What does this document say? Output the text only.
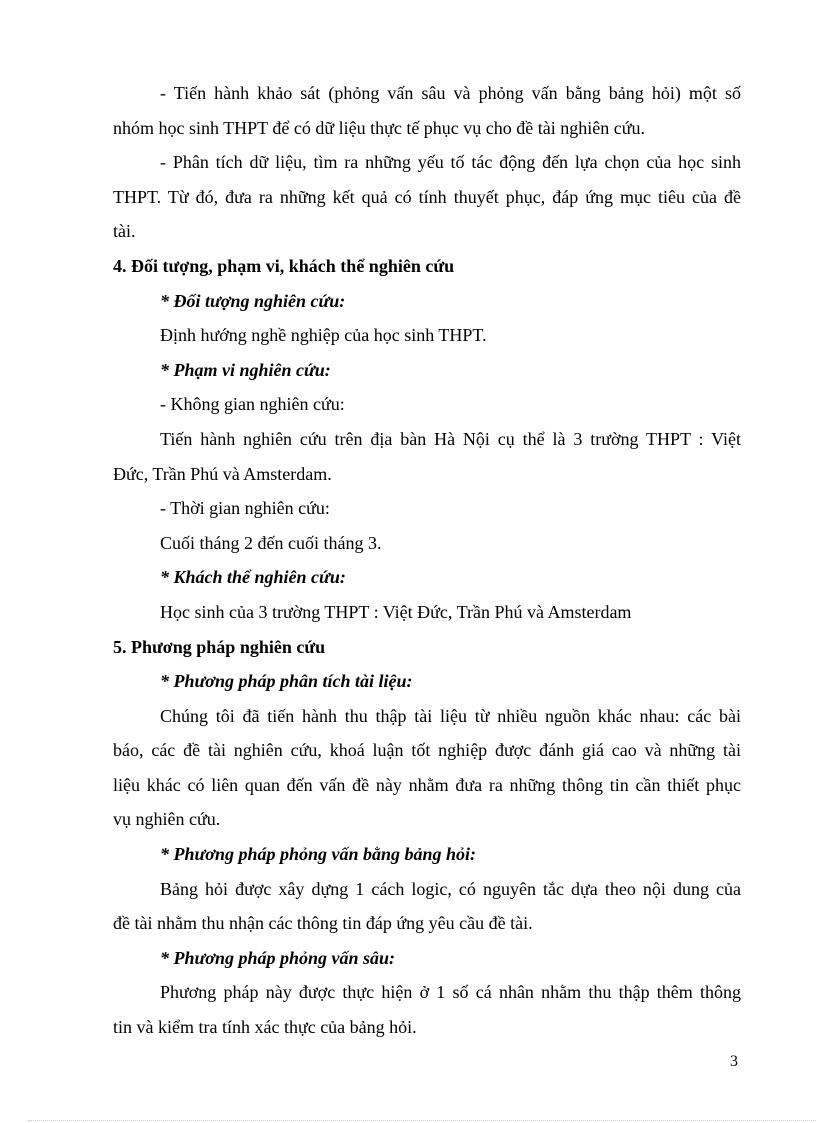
- Tiến hành khảo sát (phỏng vấn sâu và phỏng vấn bằng bảng hỏi) một số

nhóm học sinh THPT để có dữ liệu thực tế phục vụ cho đề tài nghiên cứu.

- Phân tích dữ liệu, tìm ra những yếu tố tác động đến lựa chọn của học sinh

THPT. Từ đó, đưa ra những kết quả có tính thuyết phục, đáp ứng mục tiêu của đề

tài.

4. Đối tượng, phạm vi, khách thể nghiên cứu

* Đối tượng nghiên cứu:

Định hướng nghề nghiệp của học sinh THPT.

* Phạm vi nghiên cứu:

- Không gian nghiên cứu:

Tiến hành nghiên cứu trên địa bàn Hà Nội cụ thể là 3 trường THPT : Việt

Đức, Trần Phú và Amsterdam.

- Thời gian nghiên cứu:

Cuối tháng 2 đến cuối tháng 3.

* Khách thể nghiên cứu:

Học sinh của 3 trường THPT : Việt Đức, Trần Phú và Amsterdam

5. Phương pháp nghiên cứu

* Phương pháp phân tích tài liệu:

Chúng tôi đã tiến hành thu thập tài liệu từ nhiều nguồn khác nhau: các bài

báo, các đề tài nghiên cứu, khoá luận tốt nghiệp được đánh giá cao và những tài

liệu khác có liên quan đến vấn đề này nhằm đưa ra những thông tin cần thiết phục

vụ nghiên cứu.

* Phương pháp phỏng vấn bằng bảng hỏi:

Bảng hỏi được xây dựng 1 cách logic, có nguyên tắc dựa theo nội dung của

đề tài nhằm thu nhận các thông tin đáp ứng yêu cầu đề tài.

* Phương pháp phỏng vấn sâu:

Phương pháp này được thực hiện ở 1 số cá nhân nhằm thu thập thêm thông

tin và kiểm tra tính xác thực của bảng hỏi.

3
